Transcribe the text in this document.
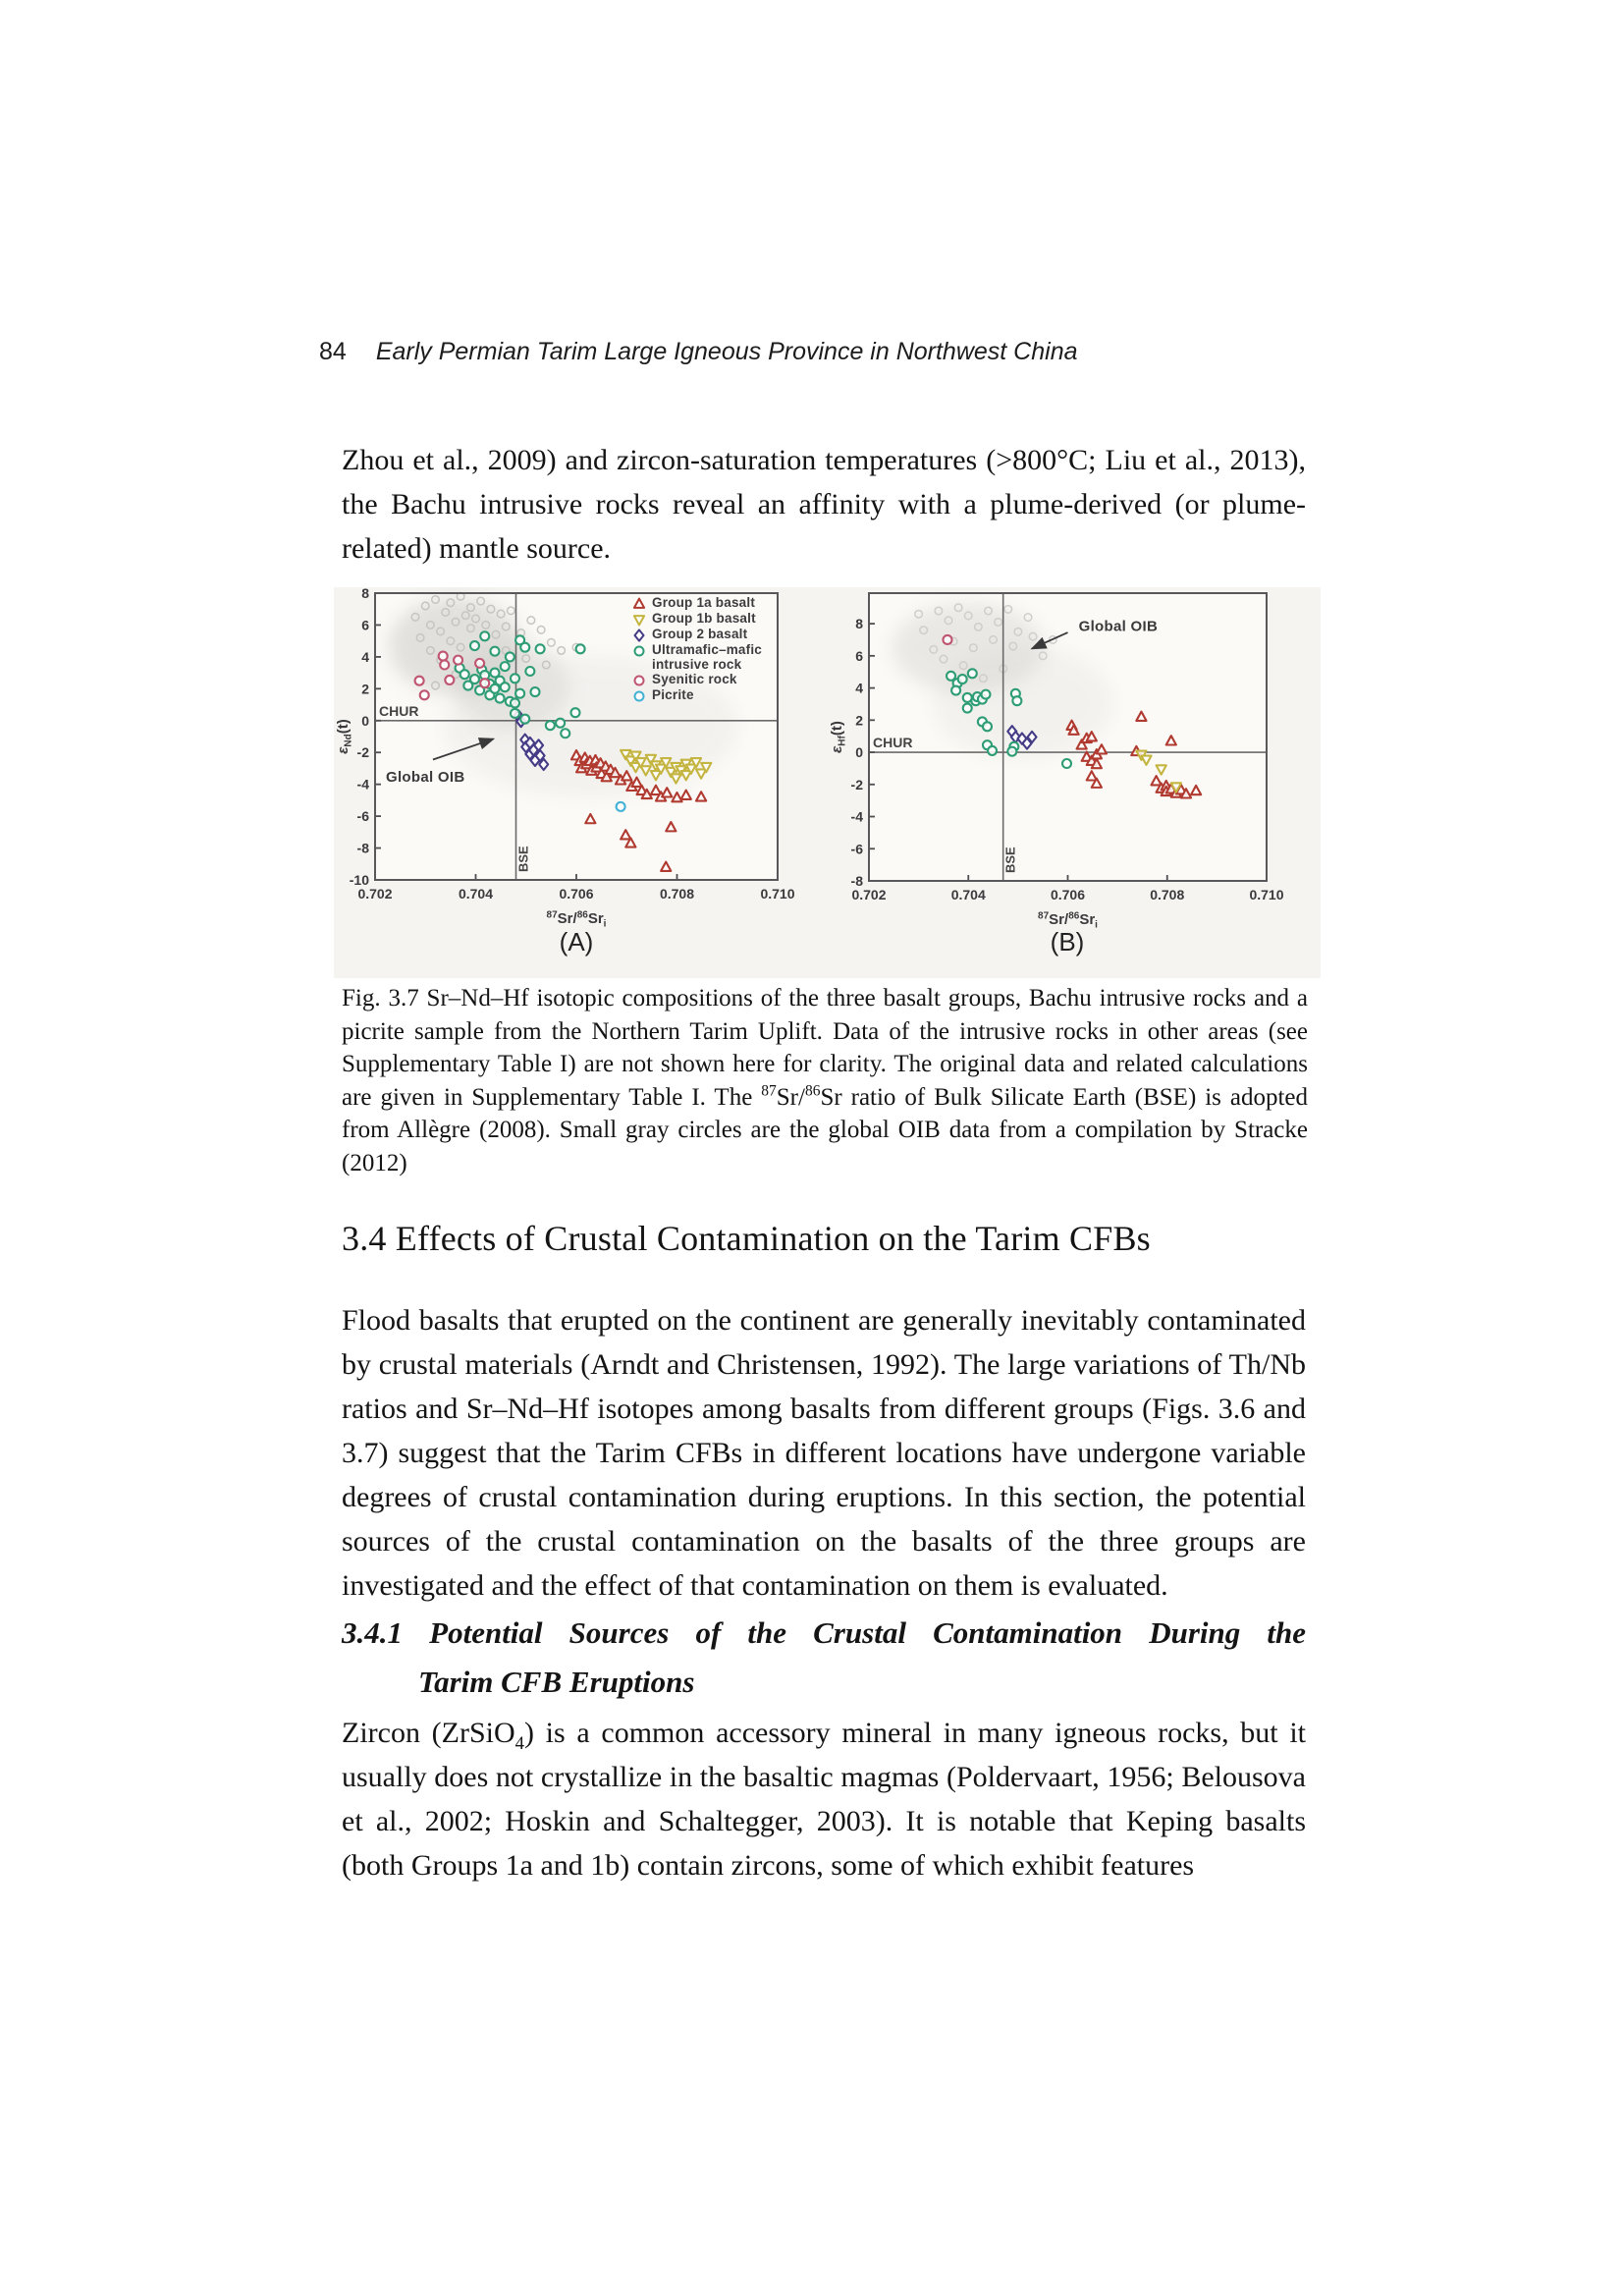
84 Early Permian Tarim Large Igneous Province in Northwest China

Zhou et al., 2009) and zircon-saturation temperatures (>800°C; Liu et al., 2013), the Bachu intrusive rocks reveal an affinity with a plume-derived (or plume-related) mantle source.

0.702	0.704	0.706	0.708	0.710
8
6
4
2
0
-2
-4
-6
-8
-10
$^{87}Sr/^{86}Sr_i$
$\varepsilon_{Nd}(t)$
CHUR
BSE
Global OIB
0.702	0.704	0.706	0.708	0.710
8
6
4
2
0
-2
-4
-6
-8
$^{87}Sr/^{86}Sr_i$
$\varepsilon_{Hf}(t)$
CHUR
BSE
Global OIB
Group 1a basalt
Group 1b basalt
Group 2 basalt
Ultramafic–mafic
intrusive rock
Syenitic rock
Picrite
(A)	(B)

Fig. 3.7 Sr–Nd–Hf isotopic compositions of the three basalt groups, Bachu intrusive rocks and a picrite sample from the Northern Tarim Uplift. Data of the intrusive rocks in other areas (see Supplementary Table I) are not shown here for clarity. The original data and related calculations are given in Supplementary Table I. The $^{87}$Sr/$^{86}$Sr ratio of Bulk Silicate Earth (BSE) is adopted from Allègre (2008). Small gray circles are the global OIB data from a compilation by Stracke (2012)

3.4 Effects of Crustal Contamination on the Tarim CFBs

Flood basalts that erupted on the continent are generally inevitably contaminated by crustal materials (Arndt and Christensen, 1992). The large variations of Th/Nb ratios and Sr–Nd–Hf isotopes among basalts from different groups (Figs. 3.6 and 3.7) suggest that the Tarim CFBs in different locations have undergone variable degrees of crustal contamination during eruptions. In this section, the potential sources of the crustal contamination on the basalts of the three groups are investigated and the effect of that contamination on them is evaluated.

3.4.1 Potential Sources of the Crustal Contamination During the
Tarim CFB Eruptions

Zircon (ZrSiO$_4$) is a common accessory mineral in many igneous rocks, but it usually does not crystallize in the basaltic magmas (Poldervaart, 1956; Belousova et al., 2002; Hoskin and Schaltegger, 2003). It is notable that Keping basalts (both Groups 1a and 1b) contain zircons, some of which exhibit features
